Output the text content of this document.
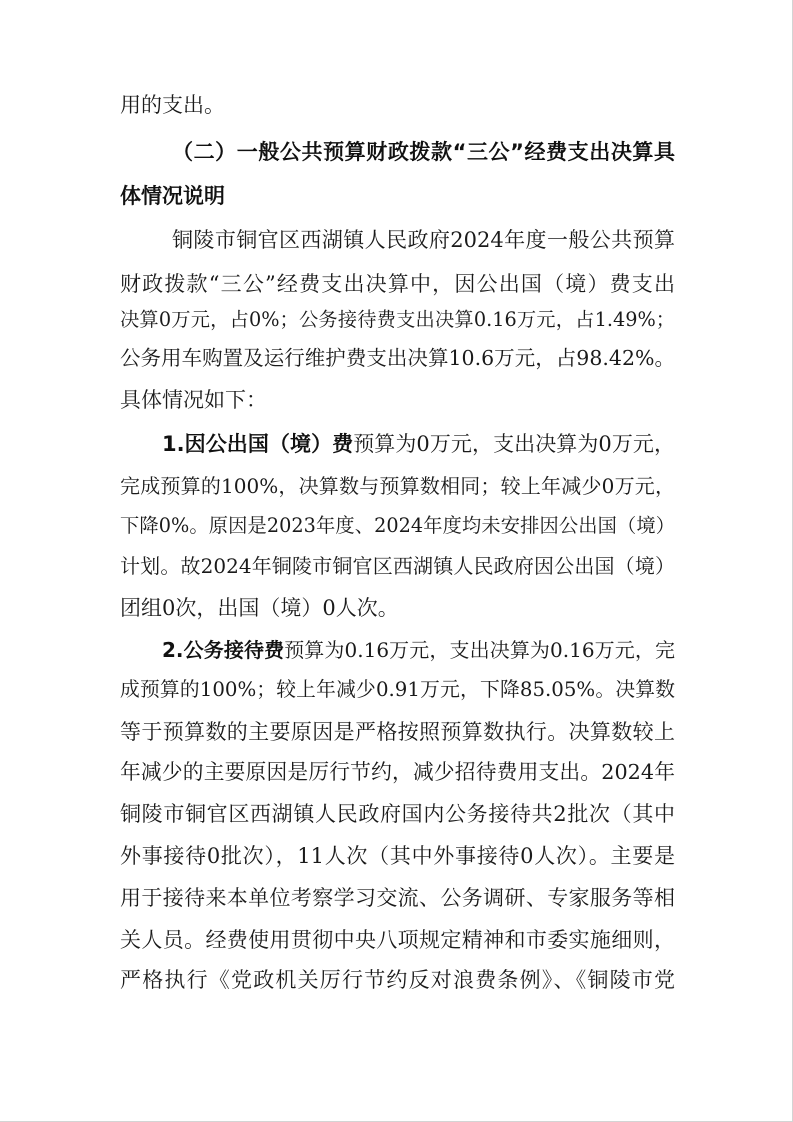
用的支出。
（二）一般公共预算财政拨款“三公”经费支出决算具
体情况说明
铜陵市铜官区西湖镇人民政府2024年度一般公共预算
财政拨款“三公”经费支出决算中，因公出国（境）费支出
决算0万元，占0%；公务接待费支出决算0.16万元，占1.49%；
公务用车购置及运行维护费支出决算10.6万元，占98.42%。
具体情况如下：
1.因公出国（境）费预算为0万元，支出决算为0万元，
完成预算的100%，决算数与预算数相同；较上年减少0万元，
下降0%。原因是2023年度、2024年度均未安排因公出国（境）
计划。故2024年铜陵市铜官区西湖镇人民政府因公出国（境）
团组0次，出国（境）0人次。
2.公务接待费预算为0.16万元，支出决算为0.16万元，完
成预算的100%；较上年减少0.91万元，下降85.05%。决算数
等于预算数的主要原因是严格按照预算数执行。决算数较上
年减少的主要原因是厉行节约，减少招待费用支出。2024年
铜陵市铜官区西湖镇人民政府国内公务接待共2批次（其中
外事接待0批次），11人次（其中外事接待0人次）。主要是
用于接待来本单位考察学习交流、公务调研、专家服务等相
关人员。经费使用贯彻中央八项规定精神和市委实施细则，
严格执行《党政机关厉行节约反对浪费条例》、《铜陵市党
